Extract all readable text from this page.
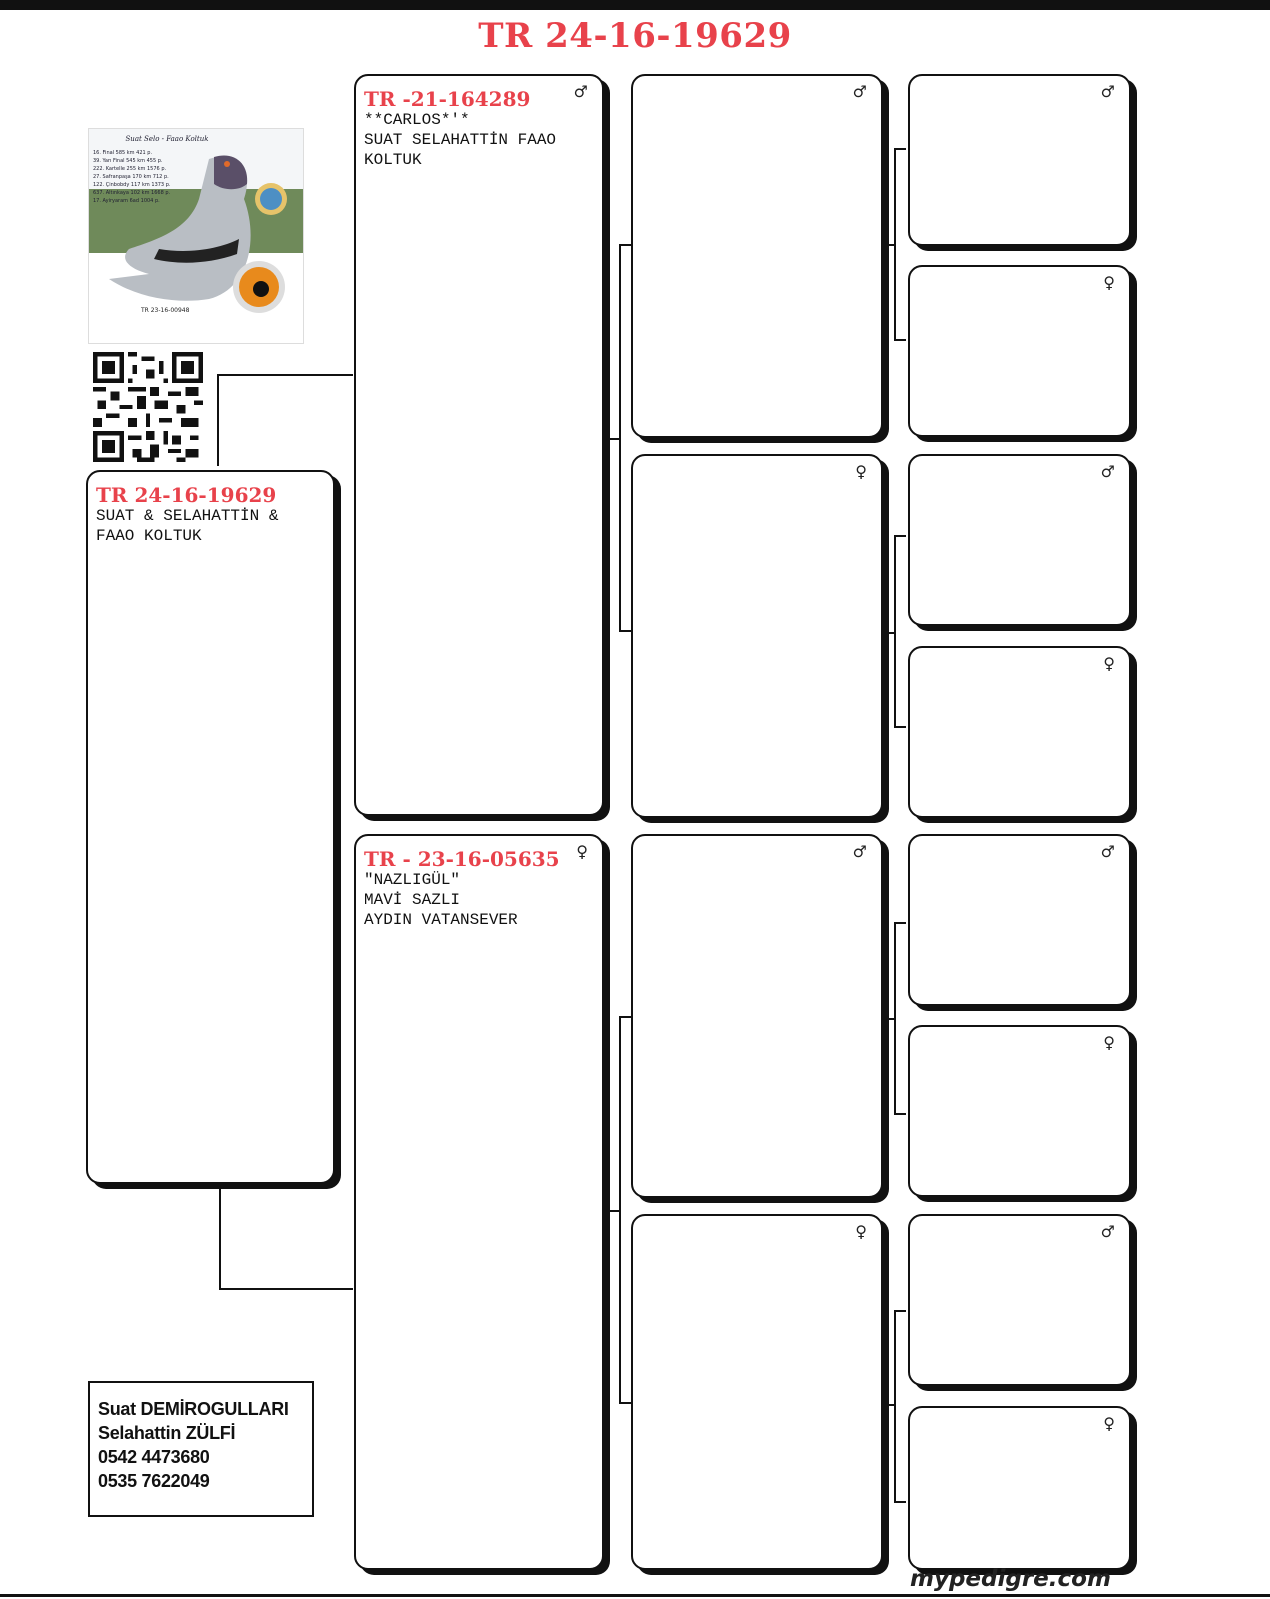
TR 24-16-19629
Suat Selo - Faao Koltuk
16. Final 585 km 421 p.
39. Yarı Final 545 km 455 p.
222. Kartelle 255 km 1576 p.
27. Safranpaşa 170 km 712 p.
122. Çinbobdy 117 km 1373 p.
637. Altınkaya 102 km 1668 p.
17. Ayiryaram 6ad 1004 p.
TR 23-16-00948
TR 24-16-19629
SUAT & SELAHATTİN &
FAAO KOLTUK
♂
TR -21-164289
**CARLOS*'*
SUAT SELAHATTİN FAAO
KOLTUK
♀
TR - 23-16-05635
"NAZLIGÜL"
MAVİ SAZLI
AYDIN VATANSEVER
♂
♀
♂
♀
♂
♀
♂
♀
♂
♀
♂
♀
Suat DEMİROGULLARI
Selahattin ZÜLFİ
0542 4473680
0535 7622049
mypedigre.com
